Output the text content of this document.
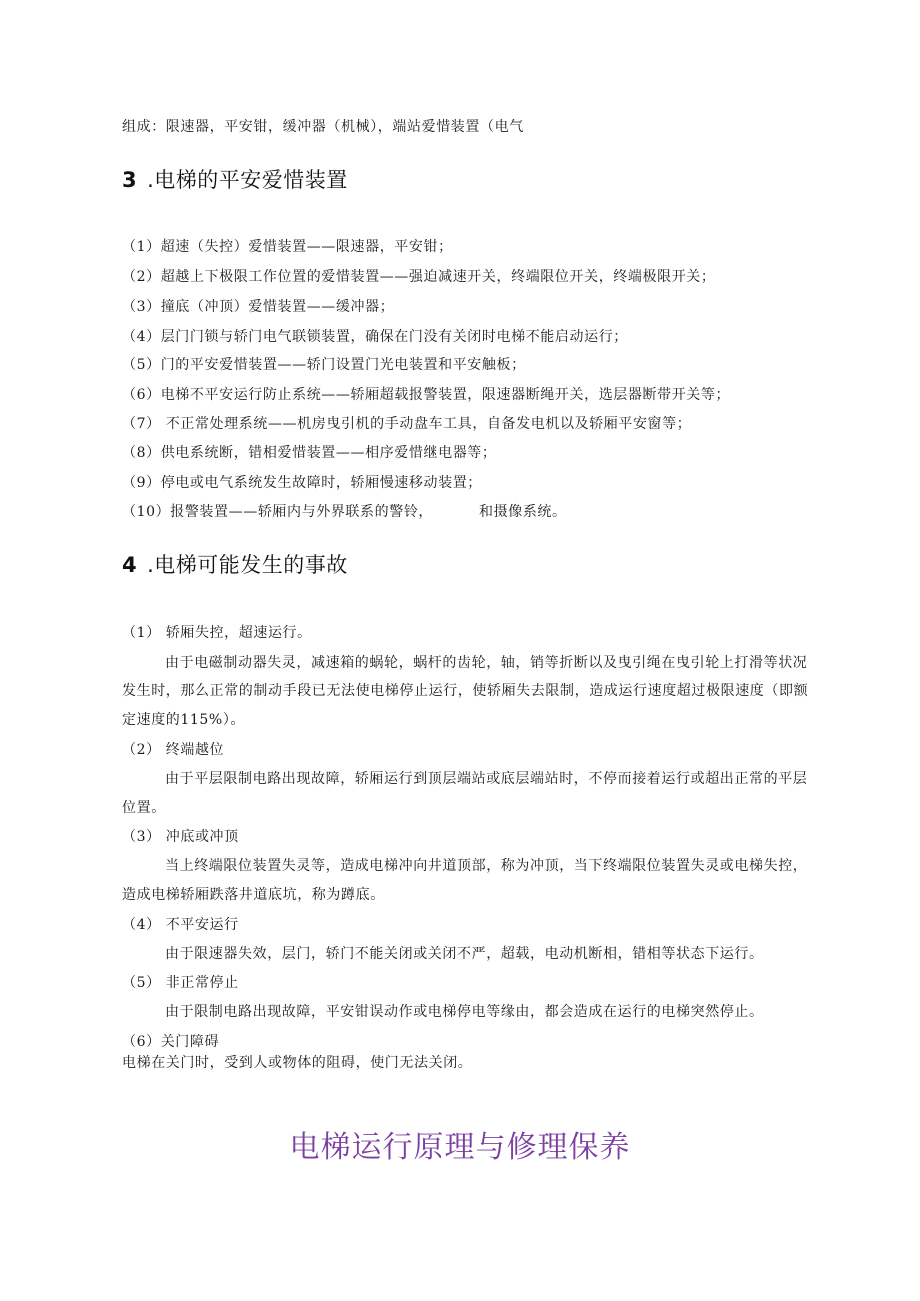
组成：限速器，平安钳，缓冲器（机械），端站爱惜装置（电气
3 .电梯的平安爱惜装置
（1）超速（失控）爱惜装置——限速器，平安钳；
（2）超越上下极限工作位置的爱惜装置——强迫减速开关，终端限位开关，终端极限开关；
（3）撞底（冲顶）爱惜装置——缓冲器；
（4）层门门锁与轿门电气联锁装置，确保在门没有关闭时电梯不能启动运行；
（5）门的平安爱惜装置——轿门设置门光电装置和平安触板；
（6）电梯不平安运行防止系统——轿厢超载报警装置，限速器断绳开关，选层器断带开关等；
（7） 不正常处理系统——机房曳引机的手动盘车工具，自备发电机以及轿厢平安窗等；
（8）供电系统断，错相爱惜装置——相序爱惜继电器等；
（9）停电或电气系统发生故障时，轿厢慢速移动装置；
（10）报警装置——轿厢内与外界联系的警铃，	和摄像系统。
4 .电梯可能发生的事故
（1） 轿厢失控，超速运行。
由于电磁制动器失灵，减速箱的蜗轮，蜗杆的齿轮，轴，销等折断以及曳引绳在曳引轮上打滑等状况
发生时，那么正常的制动手段已无法使电梯停止运行，使轿厢失去限制，造成运行速度超过极限速度（即额
定速度的115%）。
（2） 终端越位
由于平层限制电路出现故障，轿厢运行到顶层端站或底层端站时，不停而接着运行或超出正常的平层
位置。
（3） 冲底或冲顶
当上终端限位装置失灵等，造成电梯冲向井道顶部，称为冲顶，当下终端限位装置失灵或电梯失控，
造成电梯轿厢跌落井道底坑，称为蹲底。
（4） 不平安运行
由于限速器失效，层门，轿门不能关闭或关闭不严，超载，电动机断相，错相等状态下运行。
（5） 非正常停止
由于限制电路出现故障，平安钳误动作或电梯停电等缘由，都会造成在运行的电梯突然停止。
（6）关门障碍
电梯在关门时，受到人或物体的阻碍，使门无法关闭。
电梯运行原理与修理保养
